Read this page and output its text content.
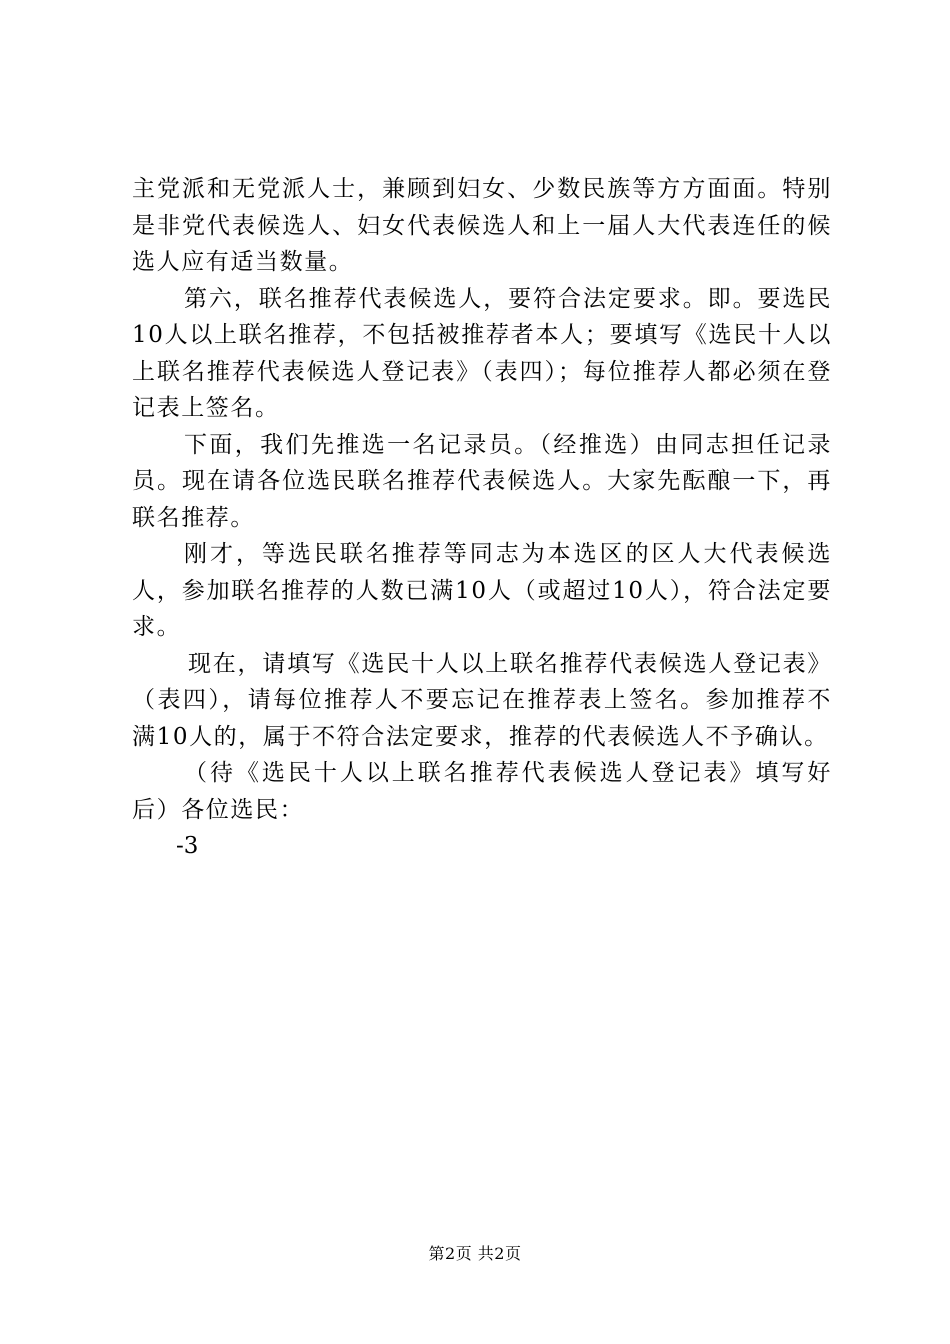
主党派和无党派人士，兼顾到妇女、少数民族等方方面面。特别是非党代表候选人、妇女代表候选人和上一届人大代表连任的候选人应有适当数量。

第六，联名推荐代表候选人，要符合法定要求。即。要选民10人以上联名推荐，不包括被推荐者本人；要填写《选民十人以上联名推荐代表候选人登记表》（表四）；每位推荐人都必须在登记表上签名。

下面，我们先推选一名记录员。（经推选）由同志担任记录员。现在请各位选民联名推荐代表候选人。大家先酝酿一下，再联名推荐。

刚才，等选民联名推荐等同志为本选区的区人大代表候选人，参加联名推荐的人数已满10人（或超过10人），符合法定要求。

现在，请填写《选民十人以上联名推荐代表候选人登记表》（表四），请每位推荐人不要忘记在推荐表上签名。参加推荐不满10人的，属于不符合法定要求，推荐的代表候选人不予确认。

（待《选民十人以上联名推荐代表候选人登记表》填写好后）各位选民：

-3

第2页 共2页
